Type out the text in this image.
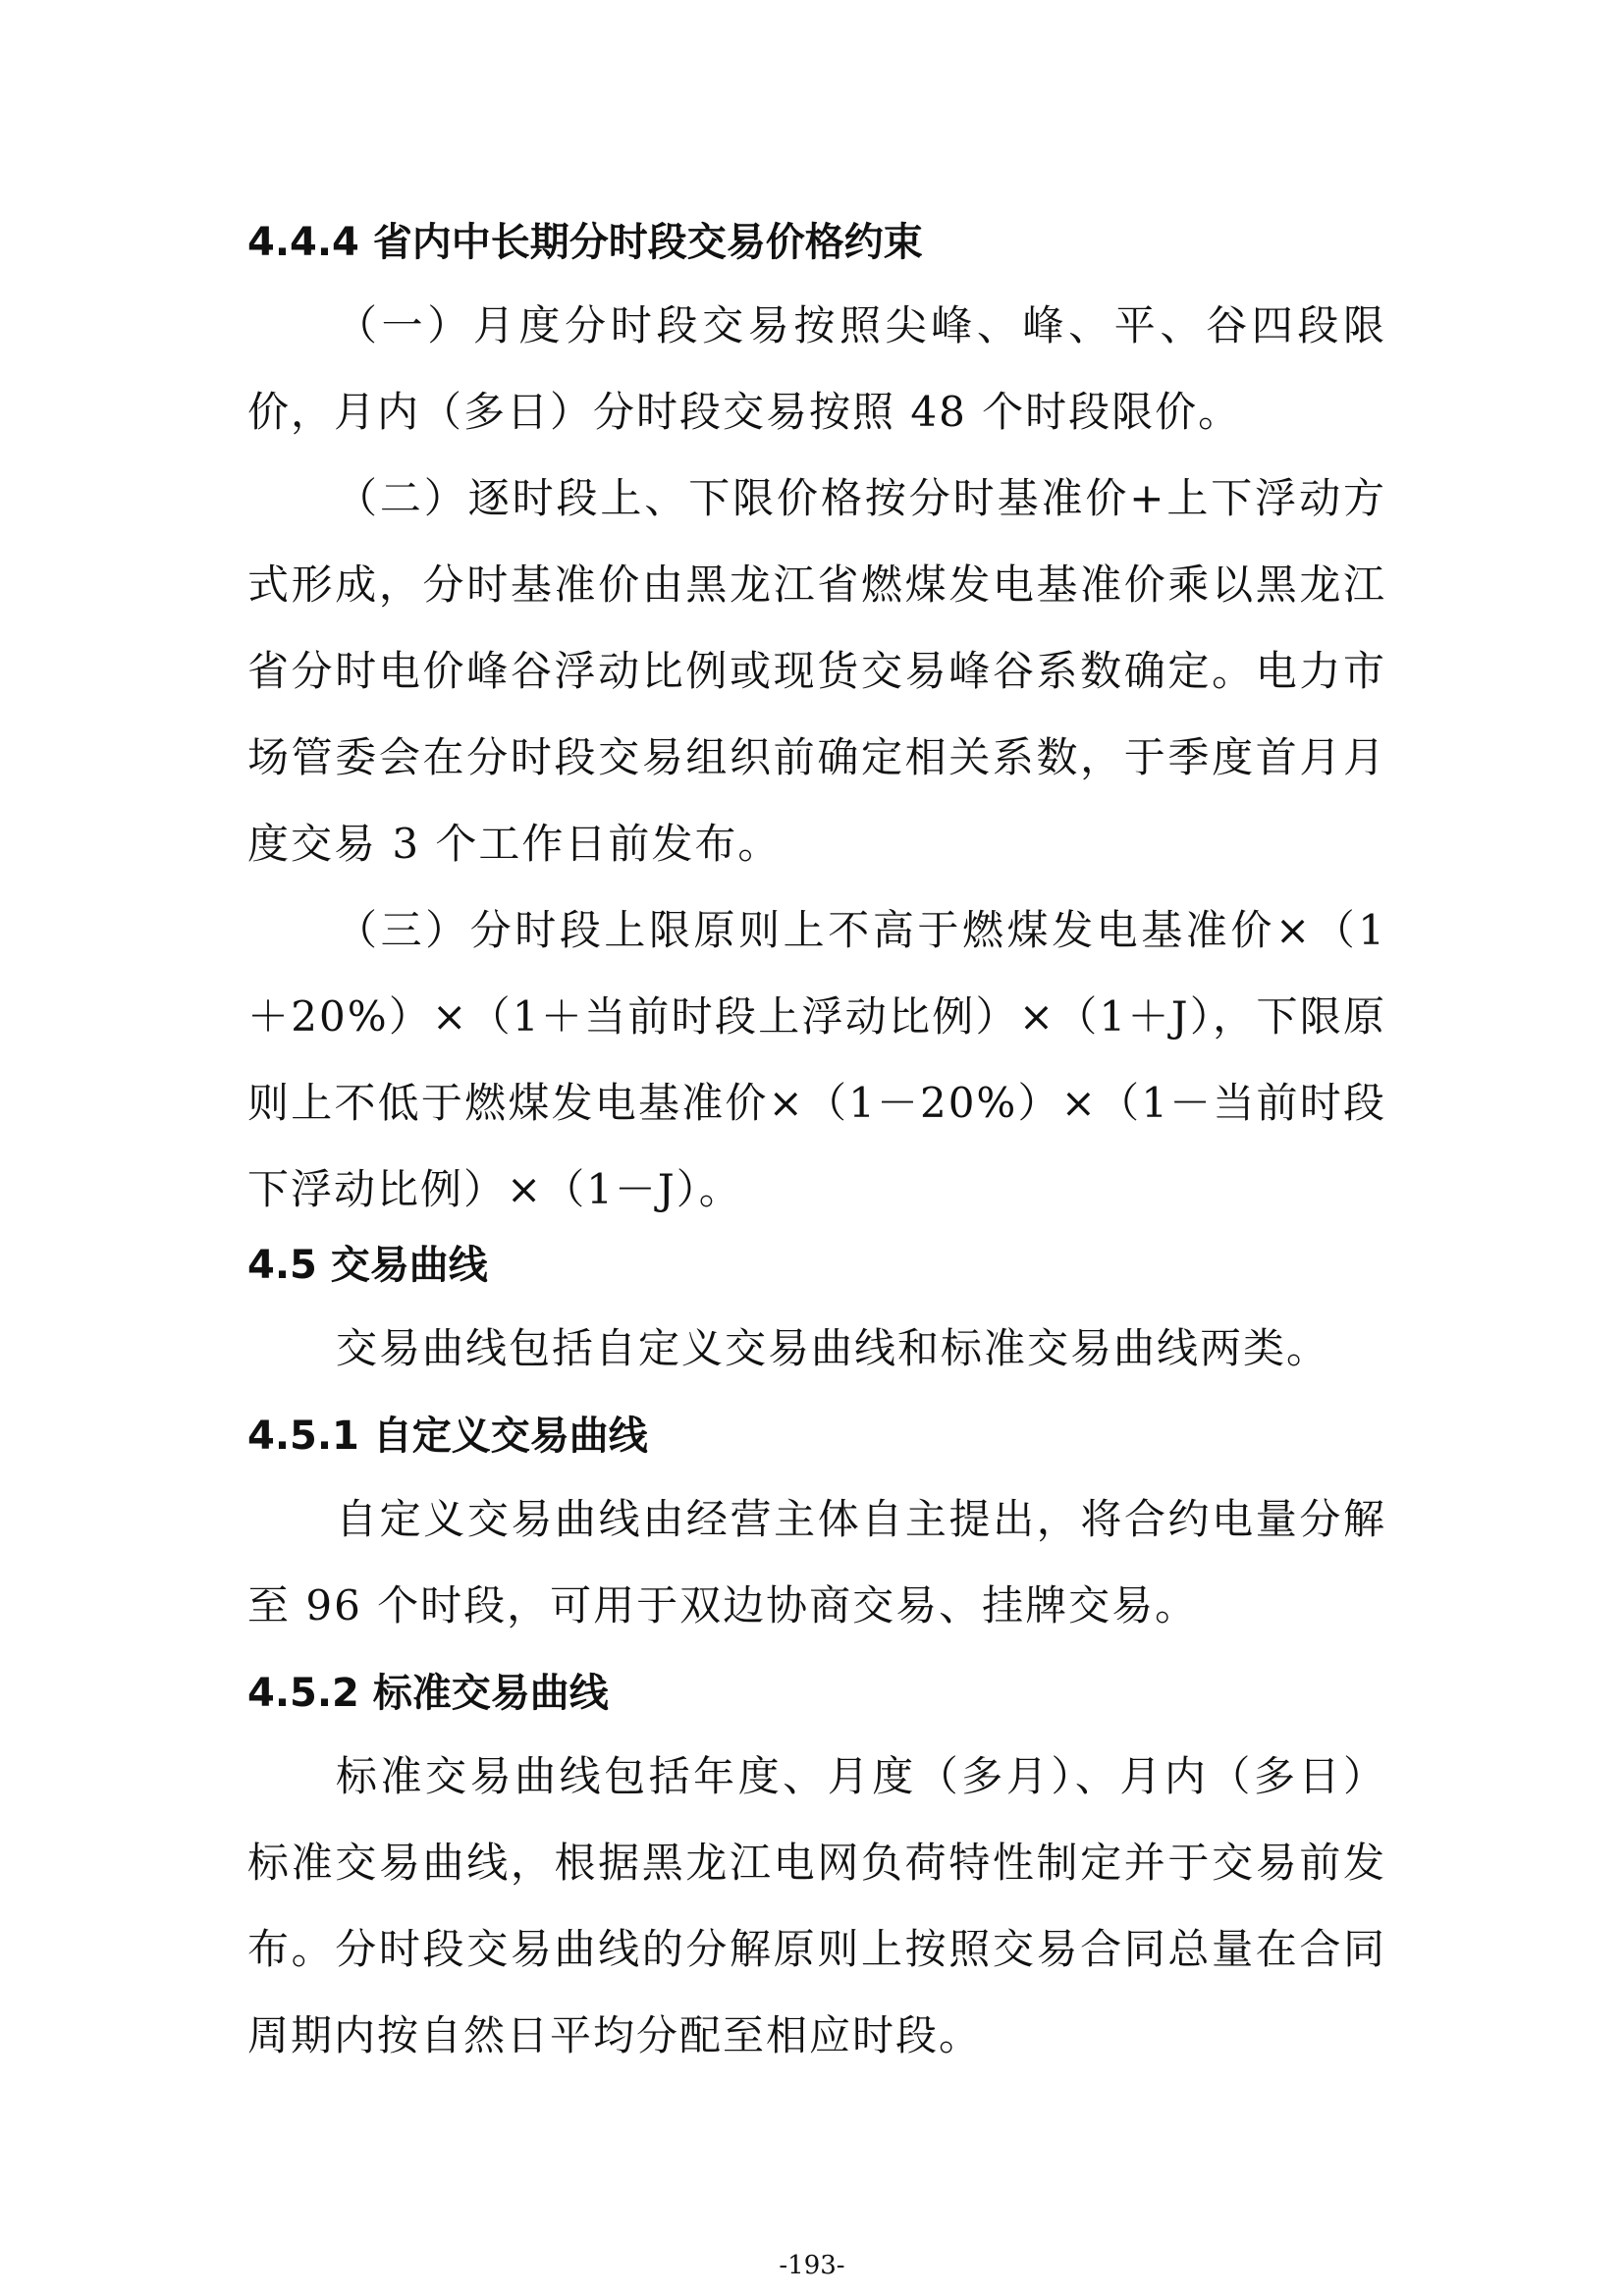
4.4.4 省内中长期分时段交易价格约束

（一）月度分时段交易按照尖峰、峰、平、谷四段限价，月内（多日）分时段交易按照 48 个时段限价。

（二）逐时段上、下限价格按分时基准价+上下浮动方式形成，分时基准价由黑龙江省燃煤发电基准价乘以黑龙江省分时电价峰谷浮动比例或现货交易峰谷系数确定。电力市场管委会在分时段交易组织前确定相关系数，于季度首月月度交易 3 个工作日前发布。

（三）分时段上限原则上不高于燃煤发电基准价×（1＋20%）×（1＋当前时段上浮动比例）×（1＋J），下限原则上不低于燃煤发电基准价×（1－20%）×（1－当前时段下浮动比例）×（1－J）。

4.5 交易曲线

交易曲线包括自定义交易曲线和标准交易曲线两类。

4.5.1 自定义交易曲线

自定义交易曲线由经营主体自主提出，将合约电量分解至 96 个时段，可用于双边协商交易、挂牌交易。

4.5.2 标准交易曲线

标准交易曲线包括年度、月度（多月）、月内（多日）标准交易曲线，根据黑龙江电网负荷特性制定并于交易前发布。分时段交易曲线的分解原则上按照交易合同总量在合同周期内按自然日平均分配至相应时段。

-193-
